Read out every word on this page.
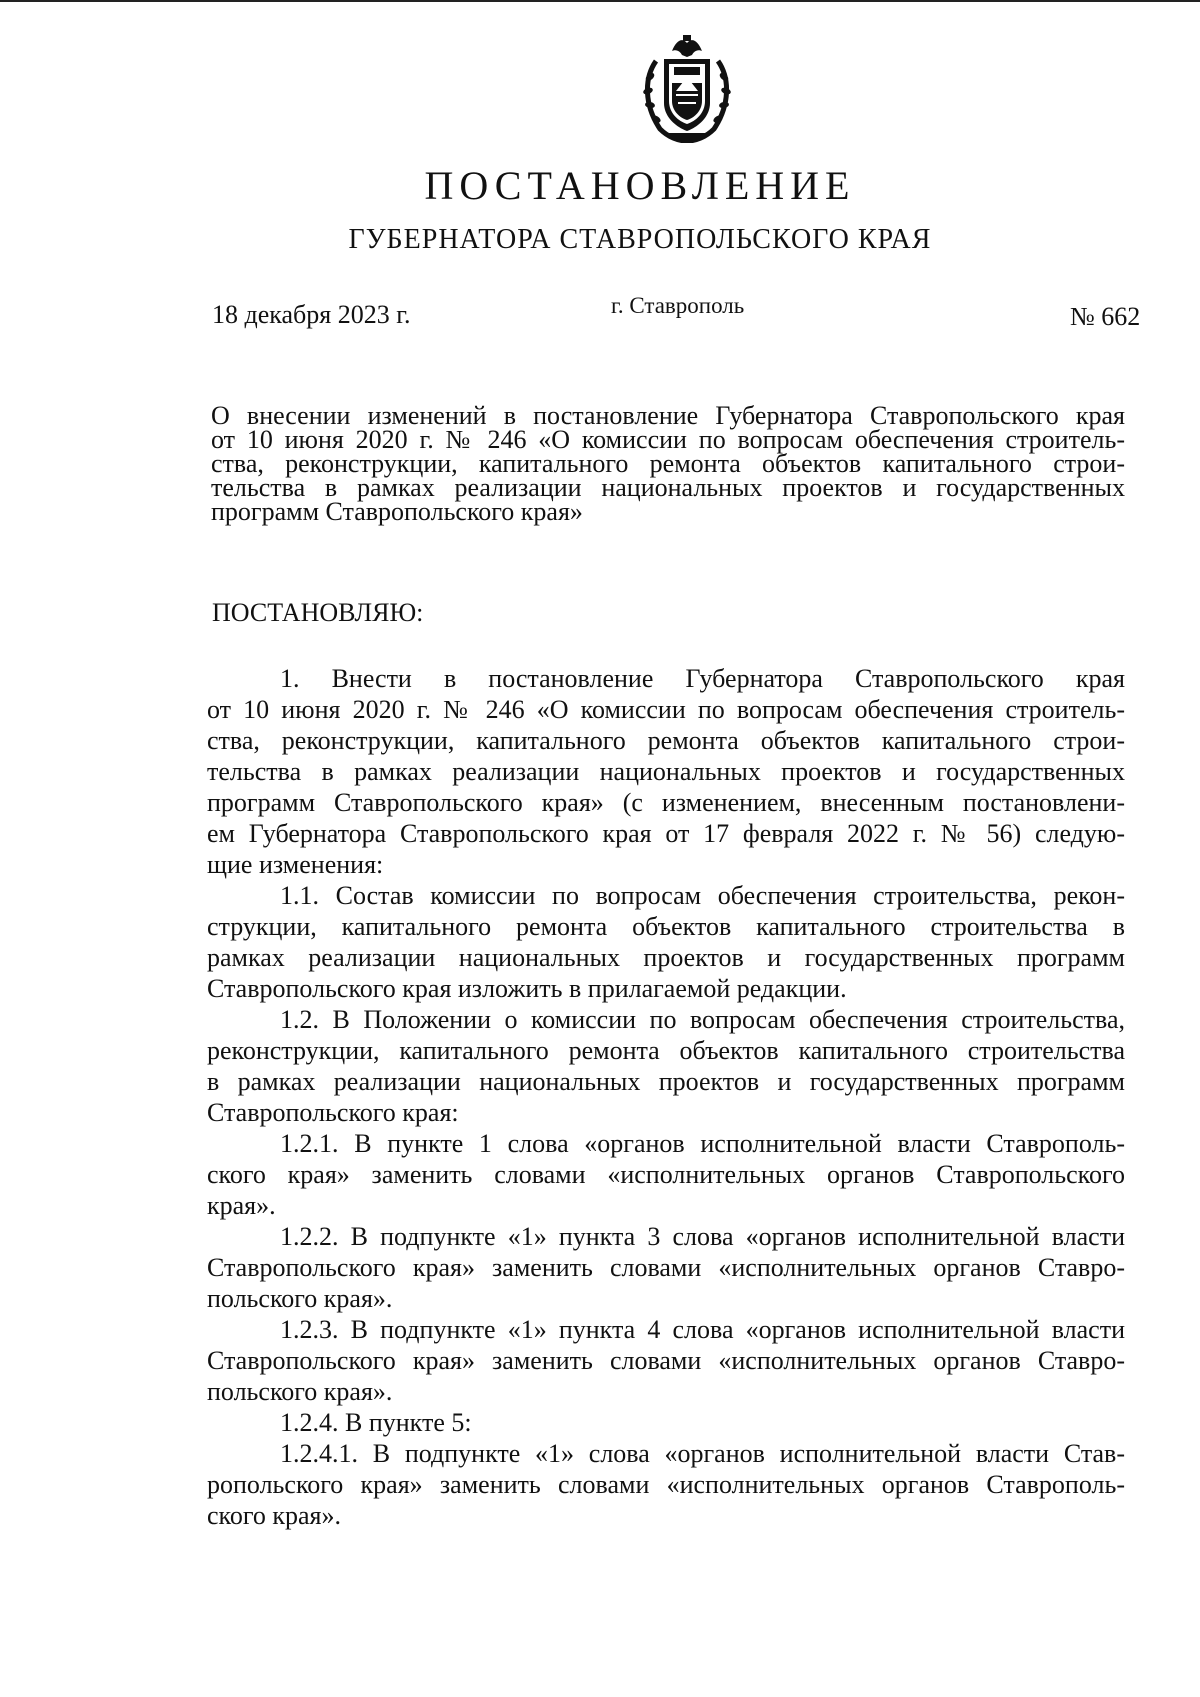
ПОСТАНОВЛЕНИЕ
ГУБЕРНАТОРА СТАВРОПОЛЬСКОГО КРАЯ
18 декабря 2023 г.	г. Ставрополь	№ 662
О внесении изменений в постановление Губернатора Ставропольского края
от 10 июня 2020 г. № 246 «О комиссии по вопросам обеспечения строитель-
ства, реконструкции, капитального ремонта объектов капитального строи-
тельства в рамках реализации национальных проектов и государственных
программ Ставропольского края»
ПОСТАНОВЛЯЮ:
1. Внести в постановление Губернатора Ставропольского края
от 10 июня 2020 г. № 246 «О комиссии по вопросам обеспечения строитель-
ства, реконструкции, капитального ремонта объектов капитального строи-
тельства в рамках реализации национальных проектов и государственных
программ Ставропольского края» (с изменением, внесенным постановлени-
ем Губернатора Ставропольского края от 17 февраля 2022 г. № 56) следую-
щие изменения:
1.1. Состав комиссии по вопросам обеспечения строительства, рекон-
струкции, капитального ремонта объектов капитального строительства в
рамках реализации национальных проектов и государственных программ
Ставропольского края изложить в прилагаемой редакции.
1.2. В Положении о комиссии по вопросам обеспечения строительства,
реконструкции, капитального ремонта объектов капитального строительства
в рамках реализации национальных проектов и государственных программ
Ставропольского края:
1.2.1. В пункте 1 слова «органов исполнительной власти Ставрополь-
ского края» заменить словами «исполнительных органов Ставропольского
края».
1.2.2. В подпункте «1» пункта 3 слова «органов исполнительной власти
Ставропольского края» заменить словами «исполнительных органов Ставро-
польского края».
1.2.3. В подпункте «1» пункта 4 слова «органов исполнительной власти
Ставропольского края» заменить словами «исполнительных органов Ставро-
польского края».
1.2.4. В пункте 5:
1.2.4.1. В подпункте «1» слова «органов исполнительной власти Став-
ропольского края» заменить словами «исполнительных органов Ставрополь-
ского края».
